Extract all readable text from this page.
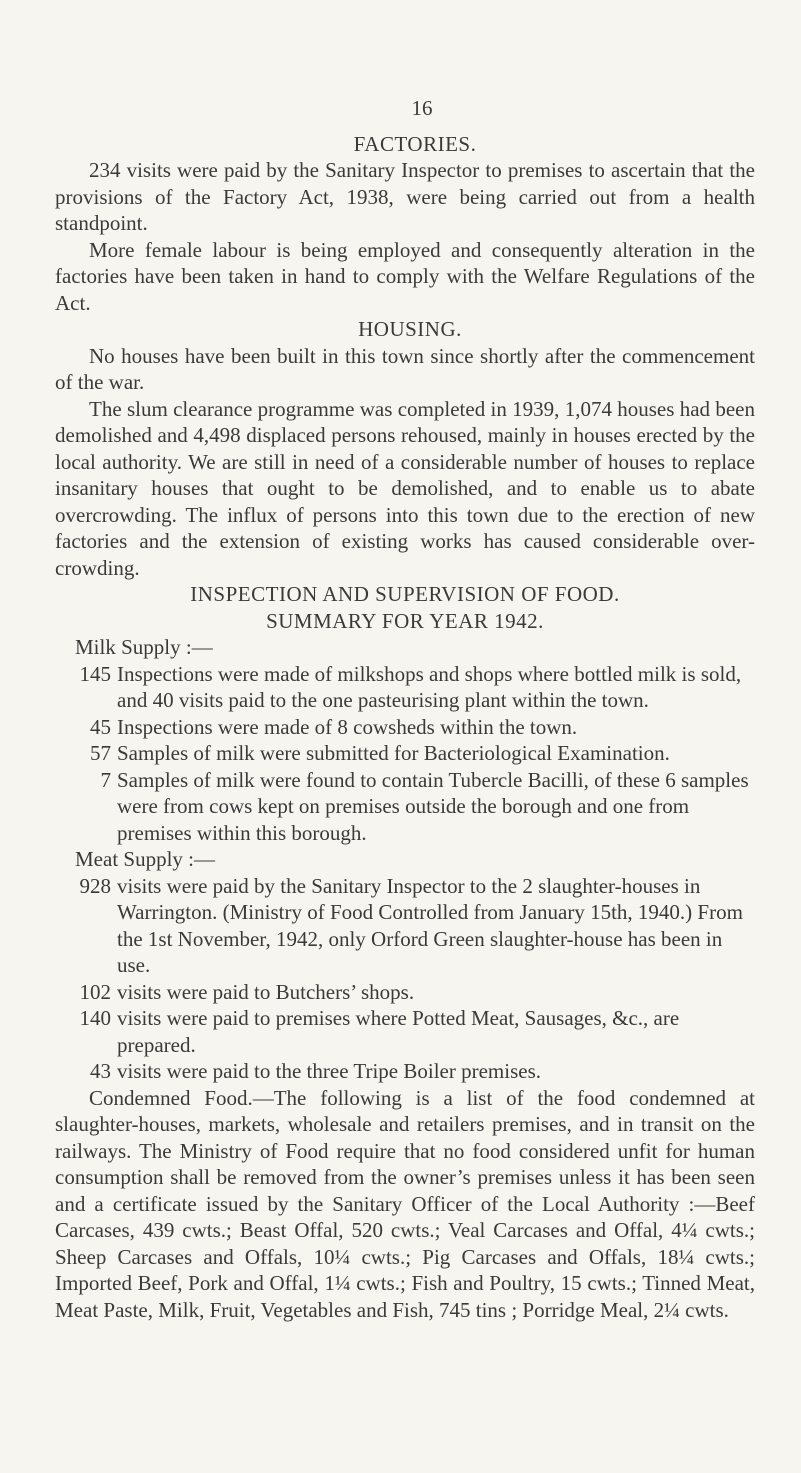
16
FACTORIES.

234 visits were paid by the Sanitary Inspector to premises to ascertain that the provisions of the Factory Act, 1938, were being carried out from a health standpoint.

More female labour is being employed and consequently alteration in the factories have been taken in hand to comply with the Welfare Regulations of the Act.

HOUSING.

No houses have been built in this town since shortly after the commencement of the war.

The slum clearance programme was completed in 1939, 1,074 houses had been demolished and 4,498 displaced persons rehoused, mainly in houses erected by the local authority. We are still in need of a considerable number of houses to replace insanitary houses that ought to be demolished, and to enable us to abate overcrowding. The influx of persons into this town due to the erection of new factories and the extension of existing works has caused considerable over-crowding.

INSPECTION AND SUPERVISION OF FOOD.
SUMMARY FOR YEAR 1942.
Milk Supply :—
145 Inspections were made of milkshops and shops where bottled milk is sold, and 40 visits paid to the one pasteurising plant within the town.
45 Inspections were made of 8 cowsheds within the town.
57 Samples of milk were submitted for Bacteriological Examination.
7 Samples of milk were found to contain Tubercle Bacilli, of these 6 samples were from cows kept on premises outside the borough and one from premises within this borough.
Meat Supply :—
928 visits were paid by the Sanitary Inspector to the 2 slaughter-houses in Warrington. (Ministry of Food Controlled from January 15th, 1940.) From the 1st November, 1942, only Orford Green slaughter-house has been in use.
102 visits were paid to Butchers’ shops.
140 visits were paid to premises where Potted Meat, Sausages, &c., are prepared.
43 visits were paid to the three Tripe Boiler premises.

Condemned Food.—The following is a list of the food condemned at slaughter-houses, markets, wholesale and retailers premises, and in transit on the railways. The Ministry of Food require that no food considered unfit for human consumption shall be removed from the owner’s premises unless it has been seen and a certificate issued by the Sanitary Officer of the Local Authority :—Beef Carcases, 439 cwts.; Beast Offal, 520 cwts.; Veal Carcases and Offal, 4¼ cwts.; Sheep Carcases and Offals, 10¼ cwts.; Pig Carcases and Offals, 18¼ cwts.; Imported Beef, Pork and Offal, 1¼ cwts.; Fish and Poultry, 15 cwts.; Tinned Meat, Meat Paste, Milk, Fruit, Vegetables and Fish, 745 tins ; Porridge Meal, 2¼ cwts.
